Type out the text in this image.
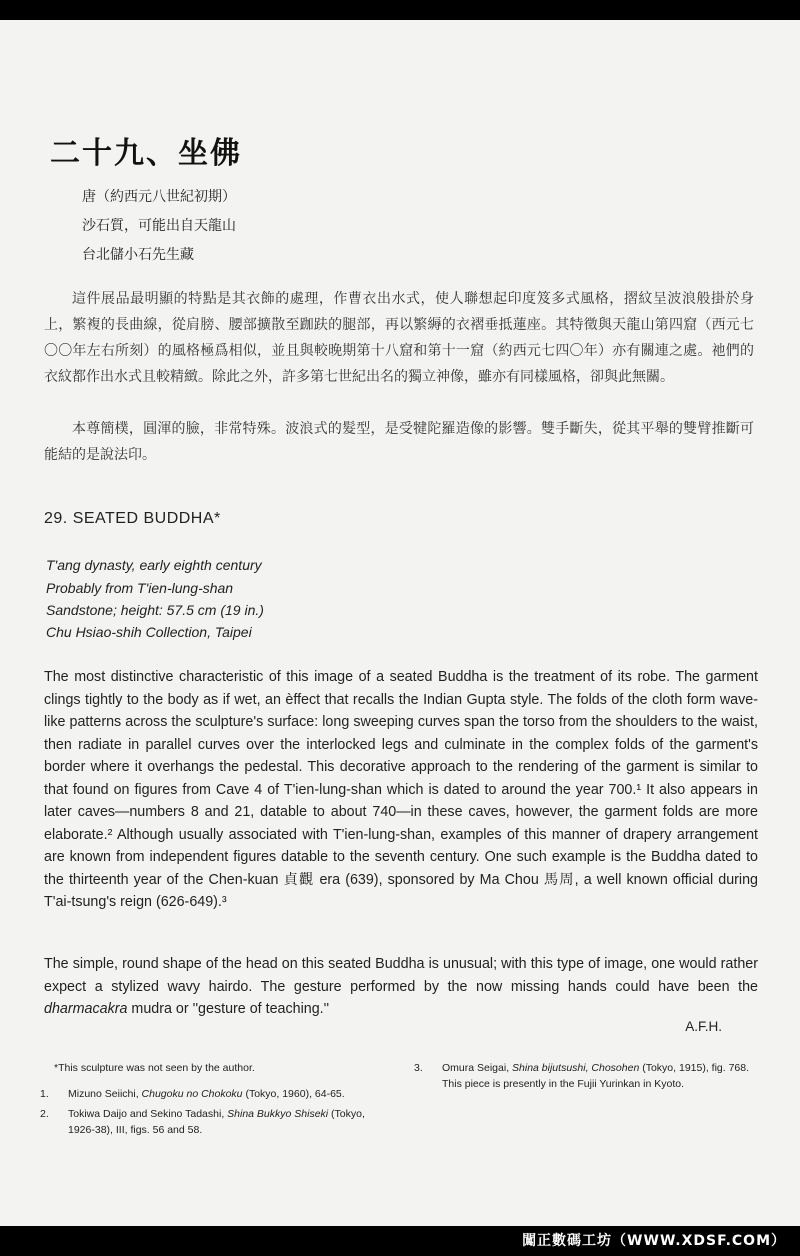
二十九、坐佛
唐（約西元八世紀初期）
沙石質，可能出自天龍山
台北儲小石先生藏

這件展品最明顯的特點是其衣飾的處理，作曹衣出水式，使人聯想起印度笈多式風格，摺紋呈波浪般掛於身上，繁複的長曲線，從肩膀、腰部擴散至跏趺的腿部，再以繁縟的衣褶垂抵蓮座。其特徵與天龍山第四窟（西元七〇〇年左右所刻）的風格極爲相似，並且與較晚期第十八窟和第十一窟（約西元七四〇年）亦有關連之處。祂們的衣紋都作出水式且較精緻。除此之外，許多第七世紀出名的獨立神像，雖亦有同樣風格，卻與此無關。

本尊簡樸，圓渾的臉，非常特殊。波浪式的髮型，是受犍陀羅造像的影響。雙手斷失，從其平舉的雙臂推斷可能結的是說法印。

29. SEATED BUDDHA*
T'ang dynasty, early eighth century
Probably from T'ien-lung-shan
Sandstone; height: 57.5 cm (19 in.)
Chu Hsiao-shih Collection, Taipei

The most distinctive characteristic of this image of a seated Buddha is the treatment of its robe. The garment clings tightly to the body as if wet, an èffect that recalls the Indian Gupta style. The folds of the cloth form wave-like patterns across the sculpture's surface: long sweeping curves span the torso from the shoulders to the waist, then radiate in parallel curves over the interlocked legs and culminate in the complex folds of the garment's border where it overhangs the pedestal. This decorative approach to the rendering of the garment is similar to that found on figures from Cave 4 of T'ien-lung-shan which is dated to around the year 700.¹ It also appears in later caves—numbers 8 and 21, datable to about 740—in these caves, however, the garment folds are more elaborate.² Although usually associated with T'ien-lung-shan, examples of this manner of drapery arrangement are known from independent figures datable to the seventh century. One such example is the Buddha dated to the thirteenth year of the Chen-kuan 貞觀 era (639), sponsored by Ma Chou 馬周, a well known official during T'ai-tsung's reign (626-649).³

The simple, round shape of the head on this seated Buddha is unusual; with this type of image, one would rather expect a stylized wavy hairdo. The gesture performed by the now missing hands could have been the dharmacakra mudra or ''gesture of teaching.''

A.F.H.

*This sculpture was not seen by the author.

1. Mizuno Seiichi, Chugoku no Chokoku (Tokyo, 1960), 64-65.

2. Tokiwa Daijo and Sekino Tadashi, Shina Bukkyo Shiseki (Tokyo, 1926-38), III, figs. 56 and 58.

3. Omura Seigai, Shina bijutsushi, Chosohen (Tokyo, 1915), fig. 768. This piece is presently in the Fujii Yurinkan in Kyoto.

闖正數碼工坊（WWW.XDSF.COM）
